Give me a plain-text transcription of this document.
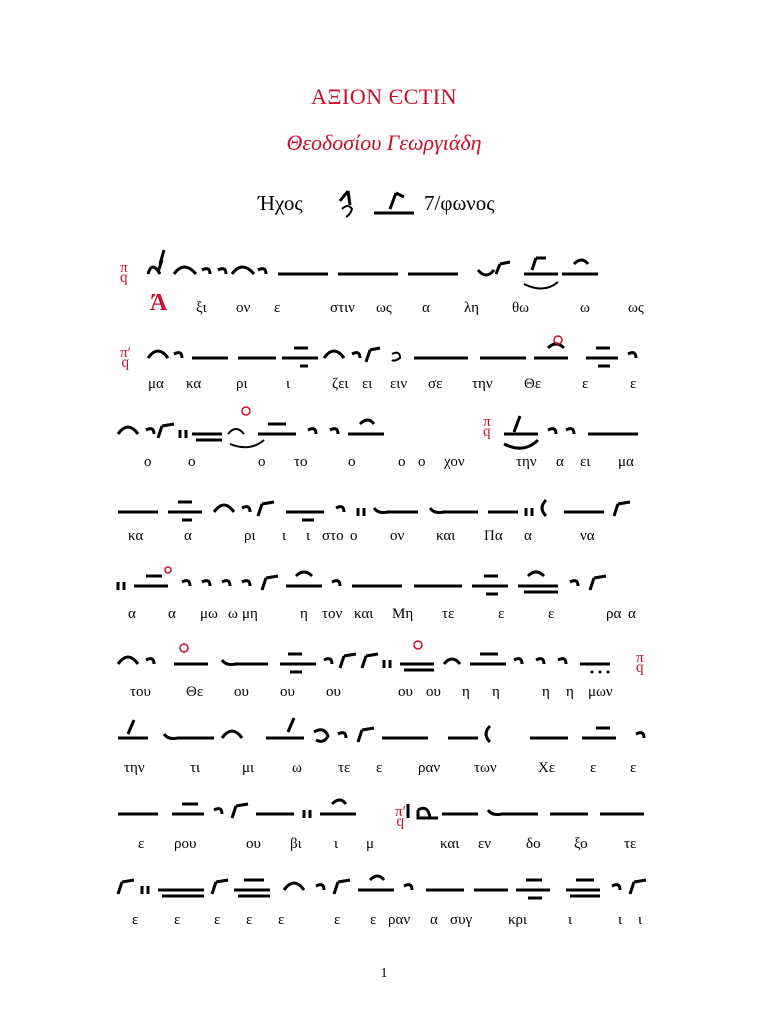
ΑΞΙΟΝ ЄСΤΙΝ
Θεοδοσίου Γεωργιάδη
Ήχος	7/φωνος
π
ϥ
Ά ξι ον ε	στιν ως α λη θω	ω	ως
π′
ϥ
μα κα ρι	ι	ζει ει ειν σε την Θε	ε	ε
π
ϥ
ο ο	ο το	ο	ο ο χον	την α ει μα
κα	α	ρι ι ι στο ο ον και Πα α	να
α α μω ω μη	η τον και Μη τε	ε	ε	ρα α
π
ϥ
του Θε ου ου ου	ου ου η η	η η μων
την	τι	μι	ω τε ε ραν των	Χε ε ε
π′
ϥ
ε ρου	ου βι ι μ	και εν δο ξο τε
ε ε ε ε ε	ε ε ραν α συγ κρι	ι	ι ι
1
